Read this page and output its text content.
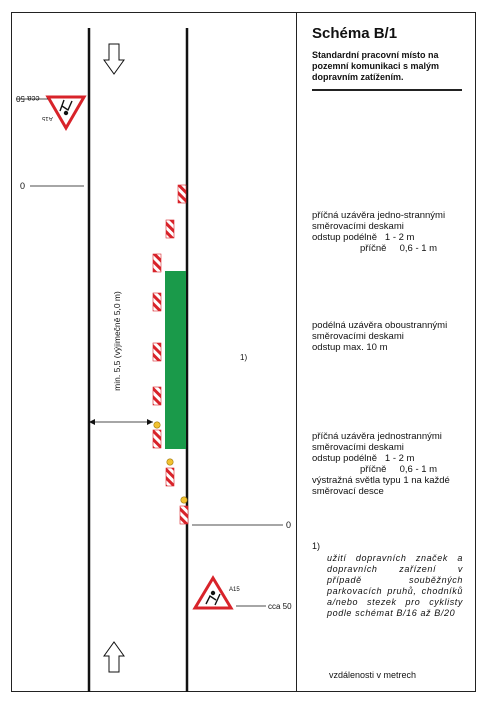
cca 50
A15
0
1)
min. 5,5 (výjimečně 5,0 m)
0
A15
cca 50
Schéma B/1
Standardní pracovní místo na pozemní komunikaci s malým dopravním zatížením.
příčná uzávěra jedno-strannými
směrovacími deskami
odstup podélně 1 - 2 m
příčně 0,6 - 1 m
podélná uzávěra oboustrannými
směrovacími deskami
odstup max. 10 m
příčná uzávěra jednostrannými
směrovacími deskami
odstup podélně 1 - 2 m
příčně 0,6 - 1 m
výstražná světla typu 1 na každé
směrovací desce
1)
užití dopravních značek a dopravních zařízení v případě souběžných parkovacích pruhů, chodníků a/nebo stezek pro cyklisty podle schémat B/16 až B/20
vzdálenosti v metrech
